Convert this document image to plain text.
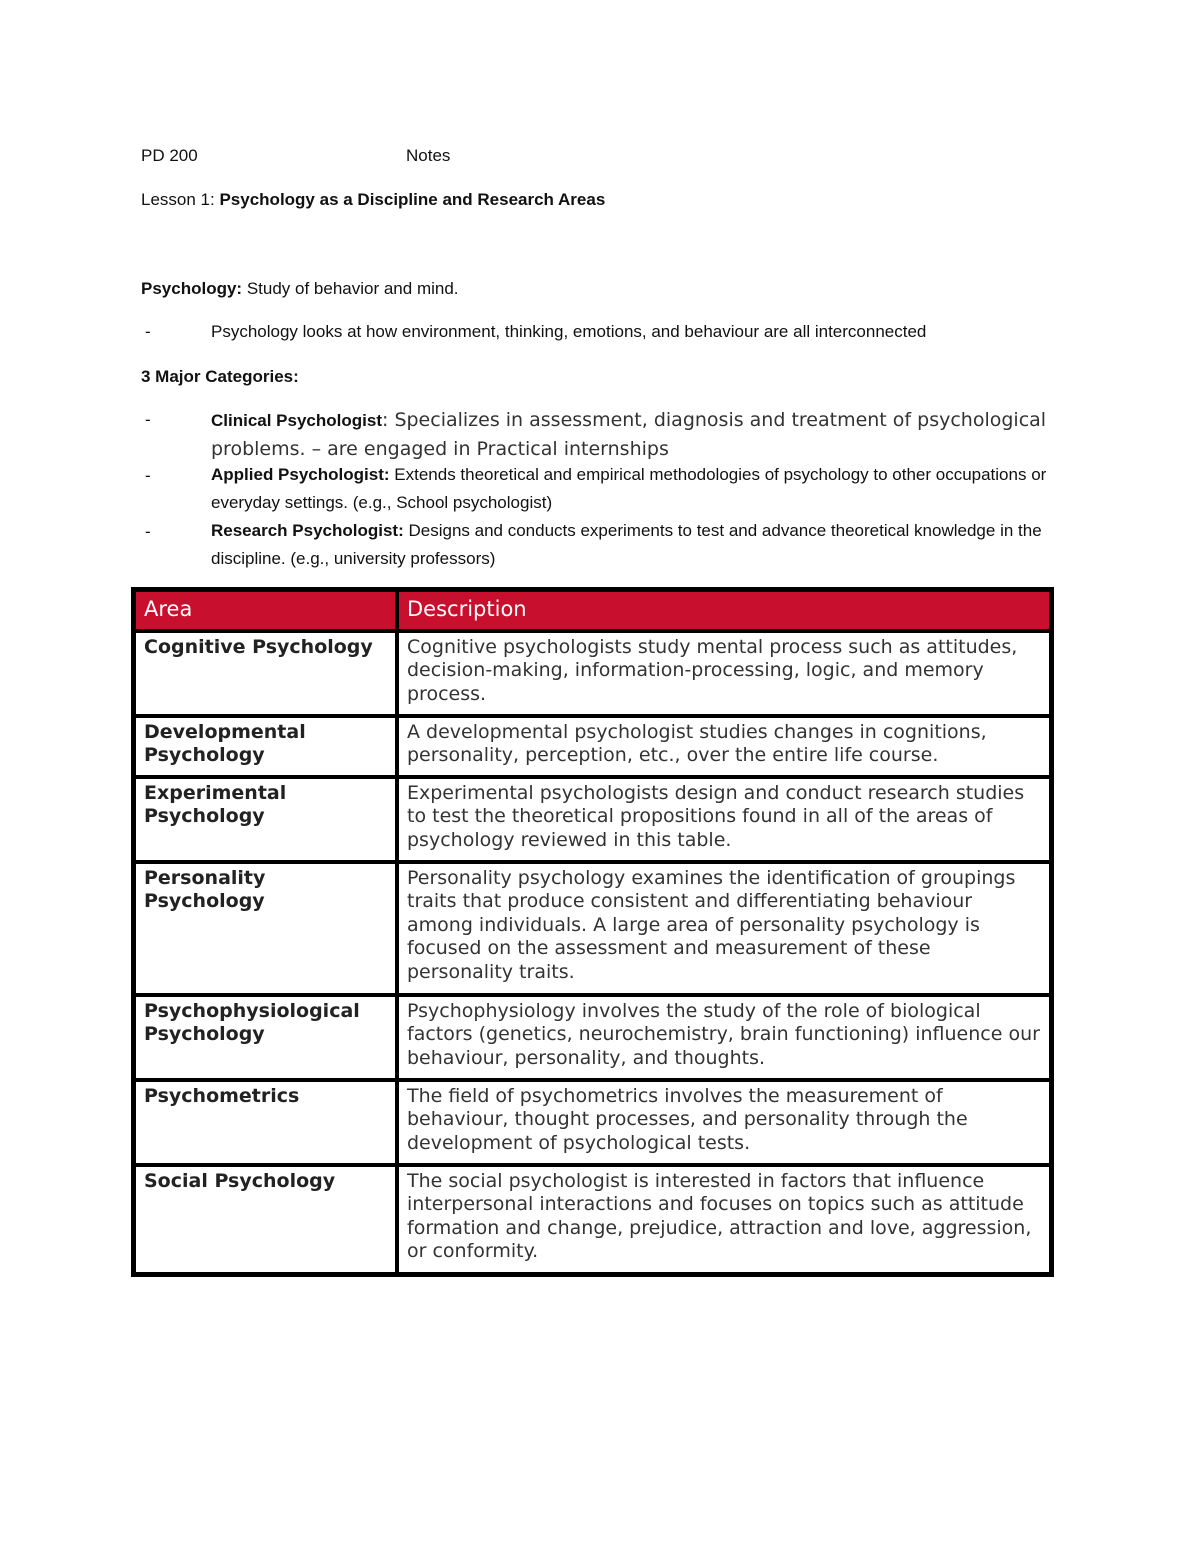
PD 200	Notes
Lesson 1: Psychology as a Discipline and Research Areas
Psychology: Study of behavior and mind.
-	Psychology looks at how environment, thinking, emotions, and behaviour are all interconnected
3 Major Categories:
-	Clinical Psychologist: Specializes in assessment, diagnosis and treatment of psychological problems. – are engaged in Practical internships
-	Applied Psychologist: Extends theoretical and empirical methodologies of psychology to other occupations or everyday settings. (e.g., School psychologist)
-	Research Psychologist: Designs and conducts experiments to test and advance theoretical knowledge in the discipline. (e.g., university professors)
Area	Description
Cognitive Psychology	Cognitive psychologists study mental process such as attitudes, decision-making, information-processing, logic, and memory process.
Developmental Psychology	A developmental psychologist studies changes in cognitions, personality, perception, etc., over the entire life course.
Experimental Psychology	Experimental psychologists design and conduct research studies to test the theoretical propositions found in all of the areas of psychology reviewed in this table.
Personality Psychology	Personality psychology examines the identification of groupings traits that produce consistent and differentiating behaviour among individuals. A large area of personality psychology is focused on the assessment and measurement of these personality traits.
Psychophysiological Psychology	Psychophysiology involves the study of the role of biological factors (genetics, neurochemistry, brain functioning) influence our behaviour, personality, and thoughts.
Psychometrics	The field of psychometrics involves the measurement of behaviour, thought processes, and personality through the development of psychological tests.
Social Psychology	The social psychologist is interested in factors that influence interpersonal interactions and focuses on topics such as attitude formation and change, prejudice, attraction and love, aggression, or conformity.
